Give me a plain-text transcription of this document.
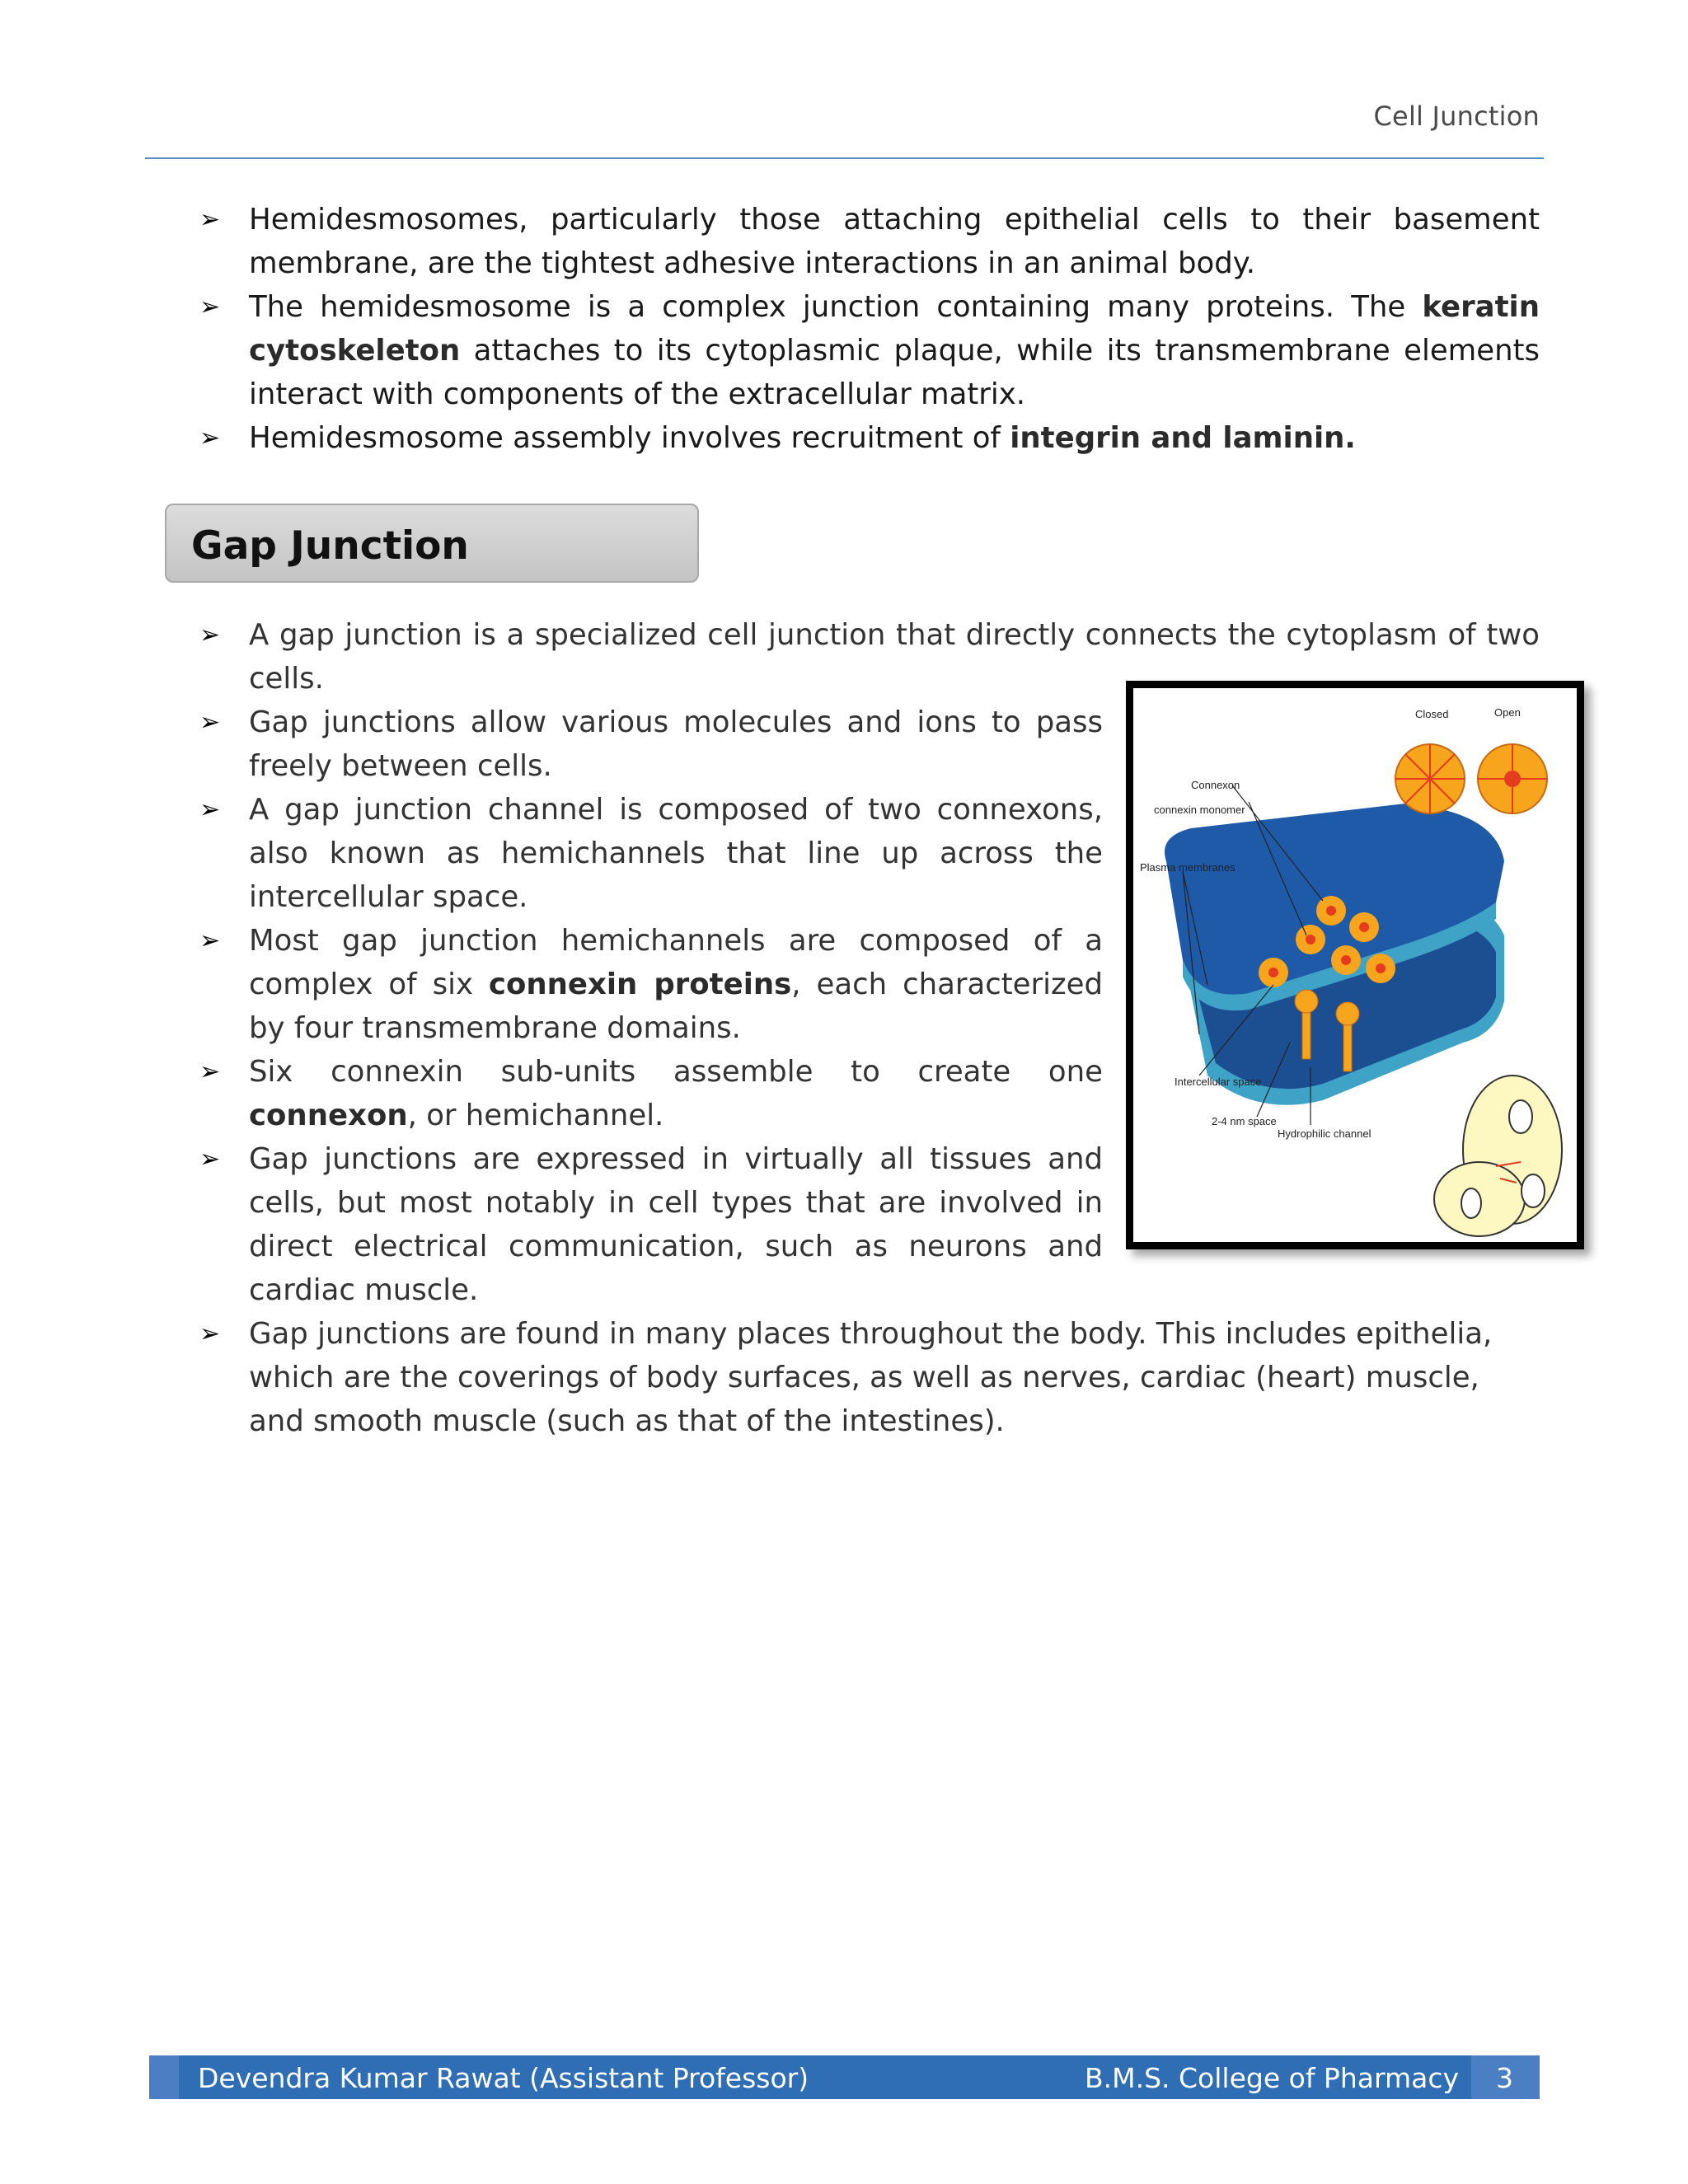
Cell Junction
➢ Hemidesmosomes, particularly those attaching epithelial cells to their basement membrane, are the tightest adhesive interactions in an animal body.
➢ The hemidesmosome is a complex junction containing many proteins. The keratin cytoskeleton attaches to its cytoplasmic plaque, while its transmembrane elements interact with components of the extracellular matrix.
➢ Hemidesmosome assembly involves recruitment of integrin and laminin.
Gap Junction
➢ A gap junction is a specialized cell junction that directly connects the cytoplasm of two cells.
➢ Gap junctions allow various molecules and ions to pass freely between cells.
➢ A gap junction channel is composed of two connexons, also known as hemichannels that line up across the intercellular space.
➢ Most gap junction hemichannels are composed of a complex of six connexin proteins, each characterized by four transmembrane domains.
➢ Six connexin sub-units assemble to create one connexon, or hemichannel.
➢ Gap junctions are expressed in virtually all tissues and cells, but most notably in cell types that are involved in direct electrical communication, such as neurons and cardiac muscle.
➢ Gap junctions are found in many places throughout the body. This includes epithelia, which are the coverings of body surfaces, as well as nerves, cardiac (heart) muscle, and smooth muscle (such as that of the intestines).
Closed	Open
Connexon
connexin monomer
Plasma membranes
Intercellular space
2-4 nm space
Hydrophilic channel
Devendra Kumar Rawat (Assistant Professor)	B.M.S. College of Pharmacy 3
